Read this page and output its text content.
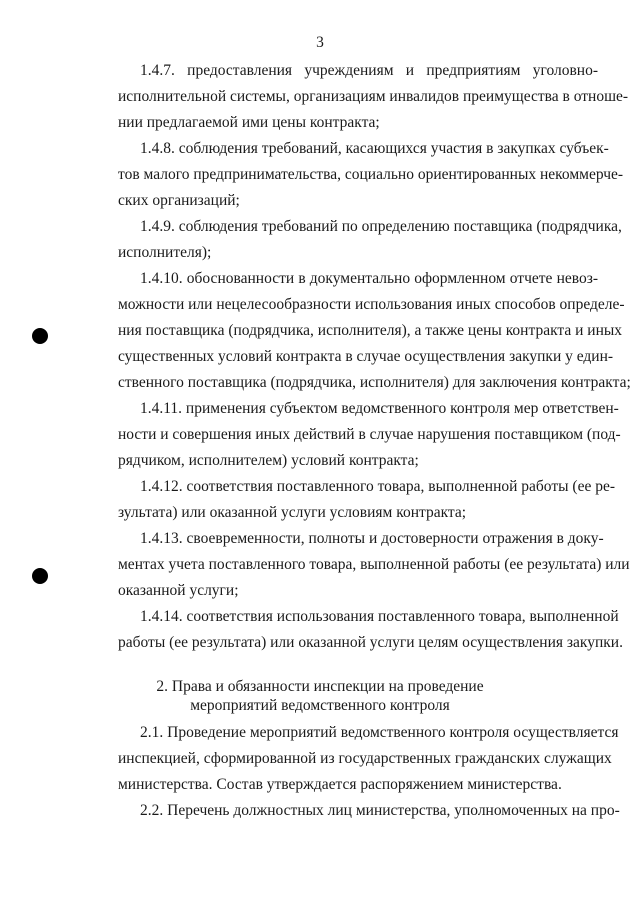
3
1.4.7. предоставления учреждениям и предприятиям уголовно-
исполнительной системы, организациям инвалидов преимущества в отноше-
нии предлагаемой ими цены контракта;
1.4.8. соблюдения требований, касающихся участия в закупках субъек-
тов малого предпринимательства, социально ориентированных некоммерче-
ских организаций;
1.4.9. соблюдения требований по определению поставщика (подрядчика,
исполнителя);
1.4.10. обоснованности в документально оформленном отчете невоз-
можности или нецелесообразности использования иных способов определе-
ния поставщика (подрядчика, исполнителя), а также цены контракта и иных
существенных условий контракта в случае осуществления закупки у един-
ственного поставщика (подрядчика, исполнителя) для заключения контракта;
1.4.11. применения субъектом ведомственного контроля мер ответствен-
ности и совершения иных действий в случае нарушения поставщиком (под-
рядчиком, исполнителем) условий контракта;
1.4.12. соответствия поставленного товара, выполненной работы (ее ре-
зультата) или оказанной услуги условиям контракта;
1.4.13. своевременности, полноты и достоверности отражения в доку-
ментах учета поставленного товара, выполненной работы (ее результата) или
оказанной услуги;
1.4.14. соответствия использования поставленного товара, выполненной
работы (ее результата) или оказанной услуги целям осуществления закупки.
2. Права и обязанности инспекции на проведение
мероприятий ведомственного контроля
2.1. Проведение мероприятий ведомственного контроля осуществляется
инспекцией, сформированной из государственных гражданских служащих
министерства. Состав утверждается распоряжением министерства.
2.2. Перечень должностных лиц министерства, уполномоченных на про-
